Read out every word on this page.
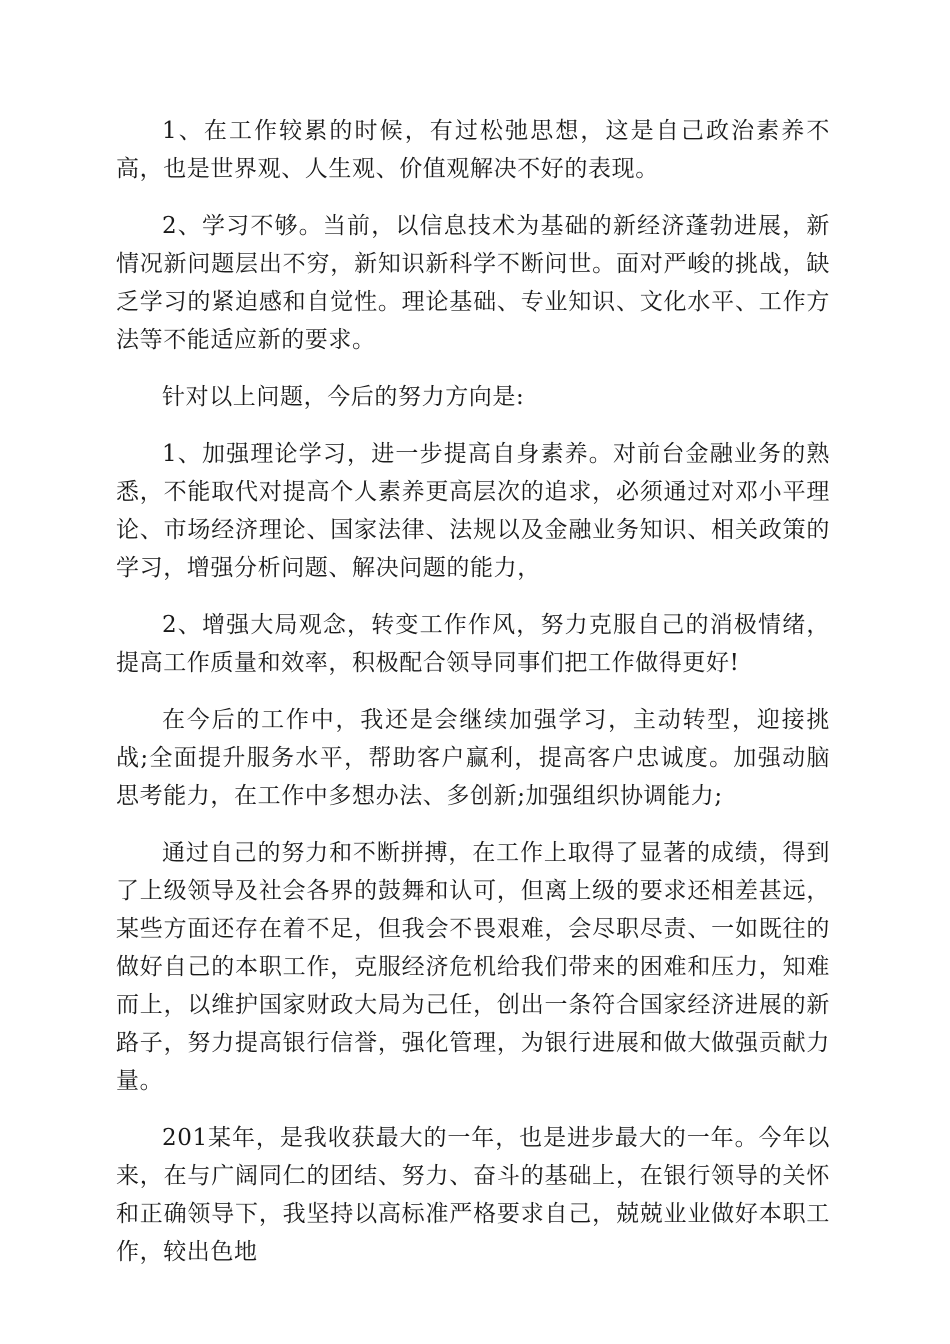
1、在工作较累的时候，有过松弛思想，这是自己政治素养不高，也是世界观、人生观、价值观解决不好的表现。

2、学习不够。当前，以信息技术为基础的新经济蓬勃进展，新情况新问题层出不穷，新知识新科学不断问世。面对严峻的挑战，缺乏学习的紧迫感和自觉性。理论基础、专业知识、文化水平、工作方法等不能适应新的要求。

针对以上问题，今后的努力方向是:

1、加强理论学习，进一步提高自身素养。对前台金融业务的熟悉，不能取代对提高个人素养更高层次的追求，必须通过对邓小平理论、市场经济理论、国家法律、法规以及金融业务知识、相关政策的学习，增强分析问题、解决问题的能力，

2、增强大局观念，转变工作作风，努力克服自己的消极情绪，提高工作质量和效率，积极配合领导同事们把工作做得更好!

在今后的工作中，我还是会继续加强学习，主动转型，迎接挑战;全面提升服务水平，帮助客户赢利，提高客户忠诚度。加强动脑思考能力，在工作中多想办法、多创新;加强组织协调能力;

通过自己的努力和不断拼搏，在工作上取得了显著的成绩，得到了上级领导及社会各界的鼓舞和认可，但离上级的要求还相差甚远，某些方面还存在着不足，但我会不畏艰难，会尽职尽责、一如既往的做好自己的本职工作，克服经济危机给我们带来的困难和压力，知难而上，以维护国家财政大局为己任，创出一条符合国家经济进展的新路子，努力提高银行信誉，强化管理，为银行进展和做大做强贡献力量。

201某年，是我收获最大的一年，也是进步最大的一年。今年以来，在与广阔同仁的团结、努力、奋斗的基础上，在银行领导的关怀和正确领导下，我坚持以高标准严格要求自己，兢兢业业做好本职工作，较出色地
